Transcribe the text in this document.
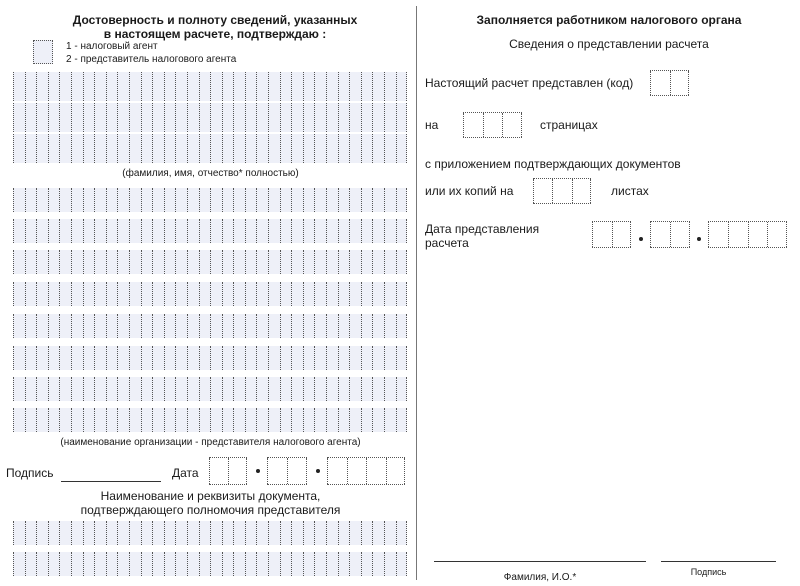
Достоверность и полноту сведений, указанных
в настоящем расчете, подтверждаю :
1 - налоговый агент
2 - представитель налогового агента
(фамилия, имя, отчество* полностью)
(наименование организации - представителя налогового агента)
Подпись	Дата
Наименование и реквизиты документа,
подтверждающего полномочия представителя
Заполняется работником налогового органа
Сведения о представлении расчета
Настоящий расчет представлен (код)
на	страницах
с приложением подтверждающих документов
или их копий на	листах
Дата представления
расчета
Фамилия, И.О.*	Подпись
